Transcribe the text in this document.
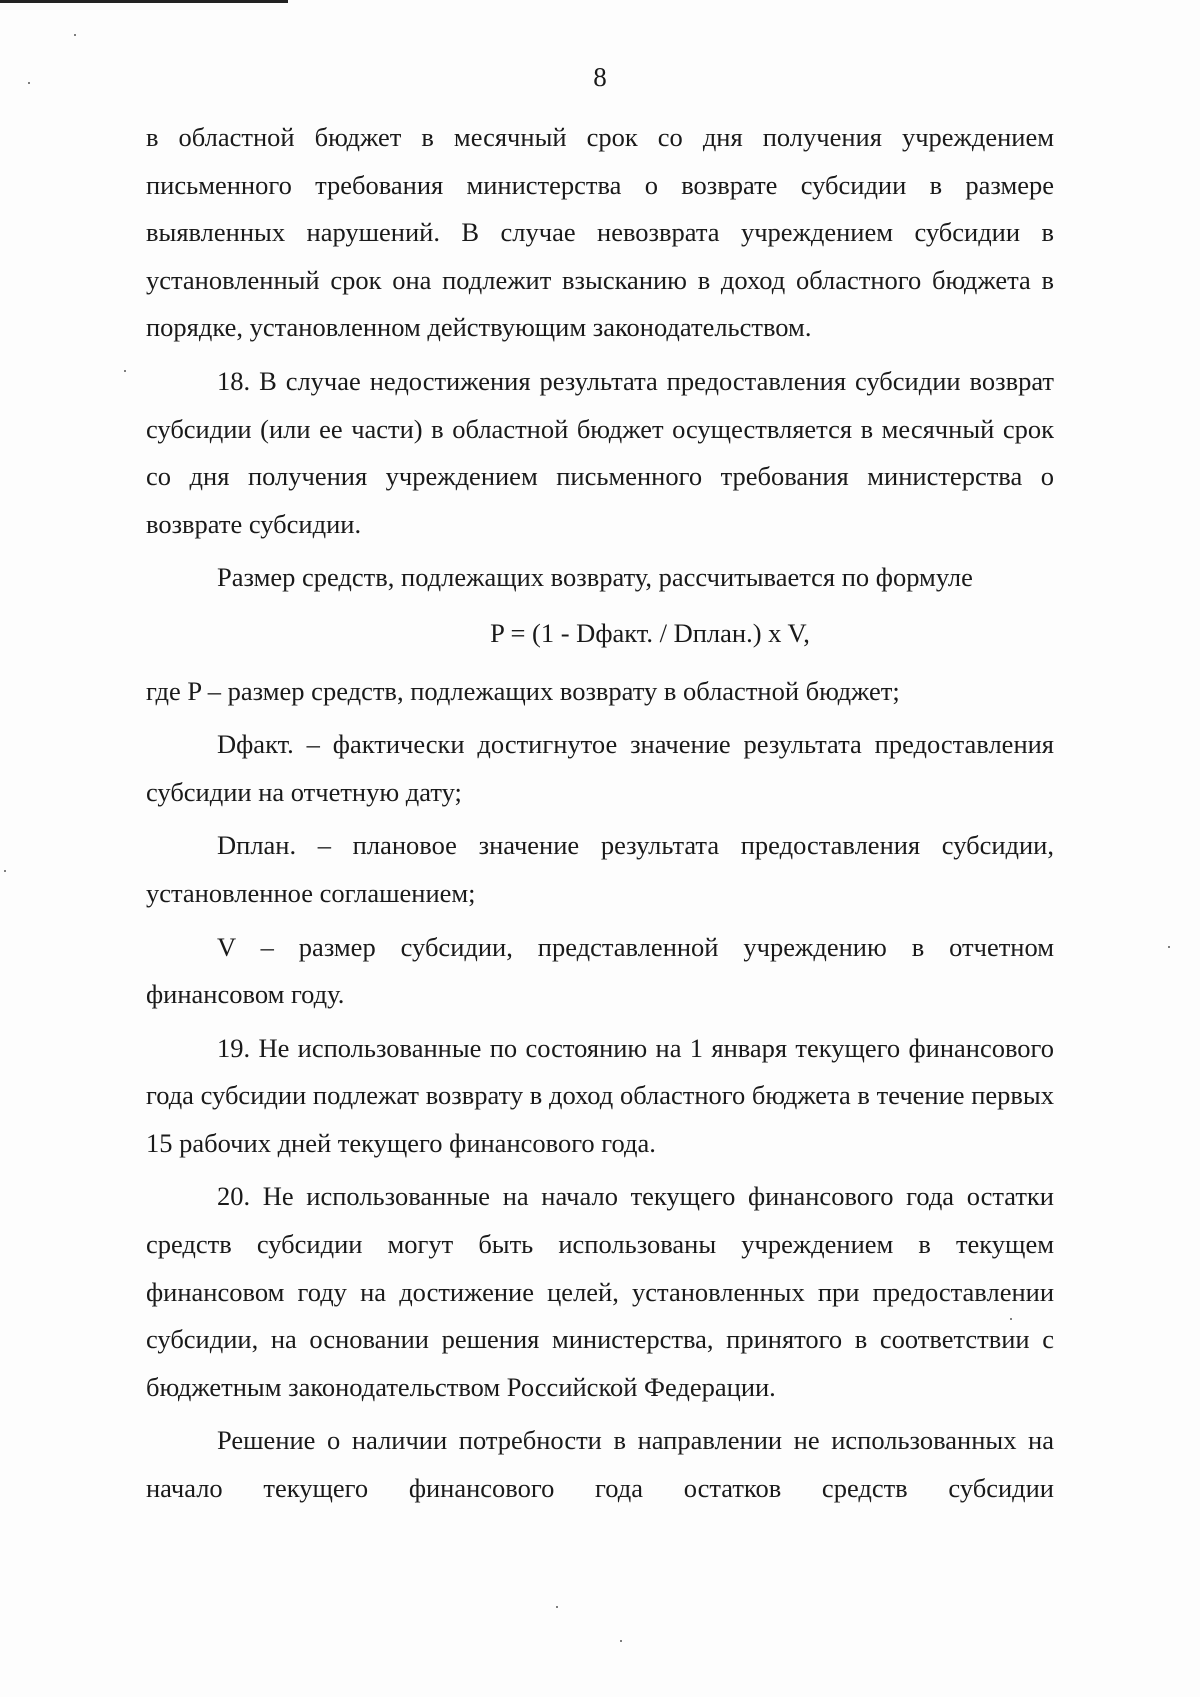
8

в областной бюджет в месячный срок со дня получения учреждением письменного требования министерства о возврате субсидии в размере выявленных нарушений. В случае невозврата учреждением субсидии в установленный срок она подлежит взысканию в доход областного бюджета в порядке, установленном действующим законодательством.

18. В случае недостижения результата предоставления субсидии возврат субсидии (или ее части) в областной бюджет осуществляется в месячный срок со дня получения учреждением письменного требования министерства о возврате субсидии.

Размер средств, подлежащих возврату, рассчитывается по формуле

P = (1 - Dфакт. / Dплан.) x V,

где P – размер средств, подлежащих возврату в областной бюджет;

Dфакт. – фактически достигнутое значение результата предоставления субсидии на отчетную дату;

Dплан. – плановое значение результата предоставления субсидии, установленное соглашением;

V – размер субсидии, представленной учреждению в отчетном финансовом году.

19. Не использованные по состоянию на 1 января текущего финансового года субсидии подлежат возврату в доход областного бюджета в течение первых 15 рабочих дней текущего финансового года.

20. Не использованные на начало текущего финансового года остатки средств субсидии могут быть использованы учреждением в текущем финансовом году на достижение целей, установленных при предоставлении субсидии, на основании решения министерства, принятого в соответствии с бюджетным законодательством Российской Федерации.

Решение о наличии потребности в направлении не использованных на начало текущего финансового года остатков средств субсидии
